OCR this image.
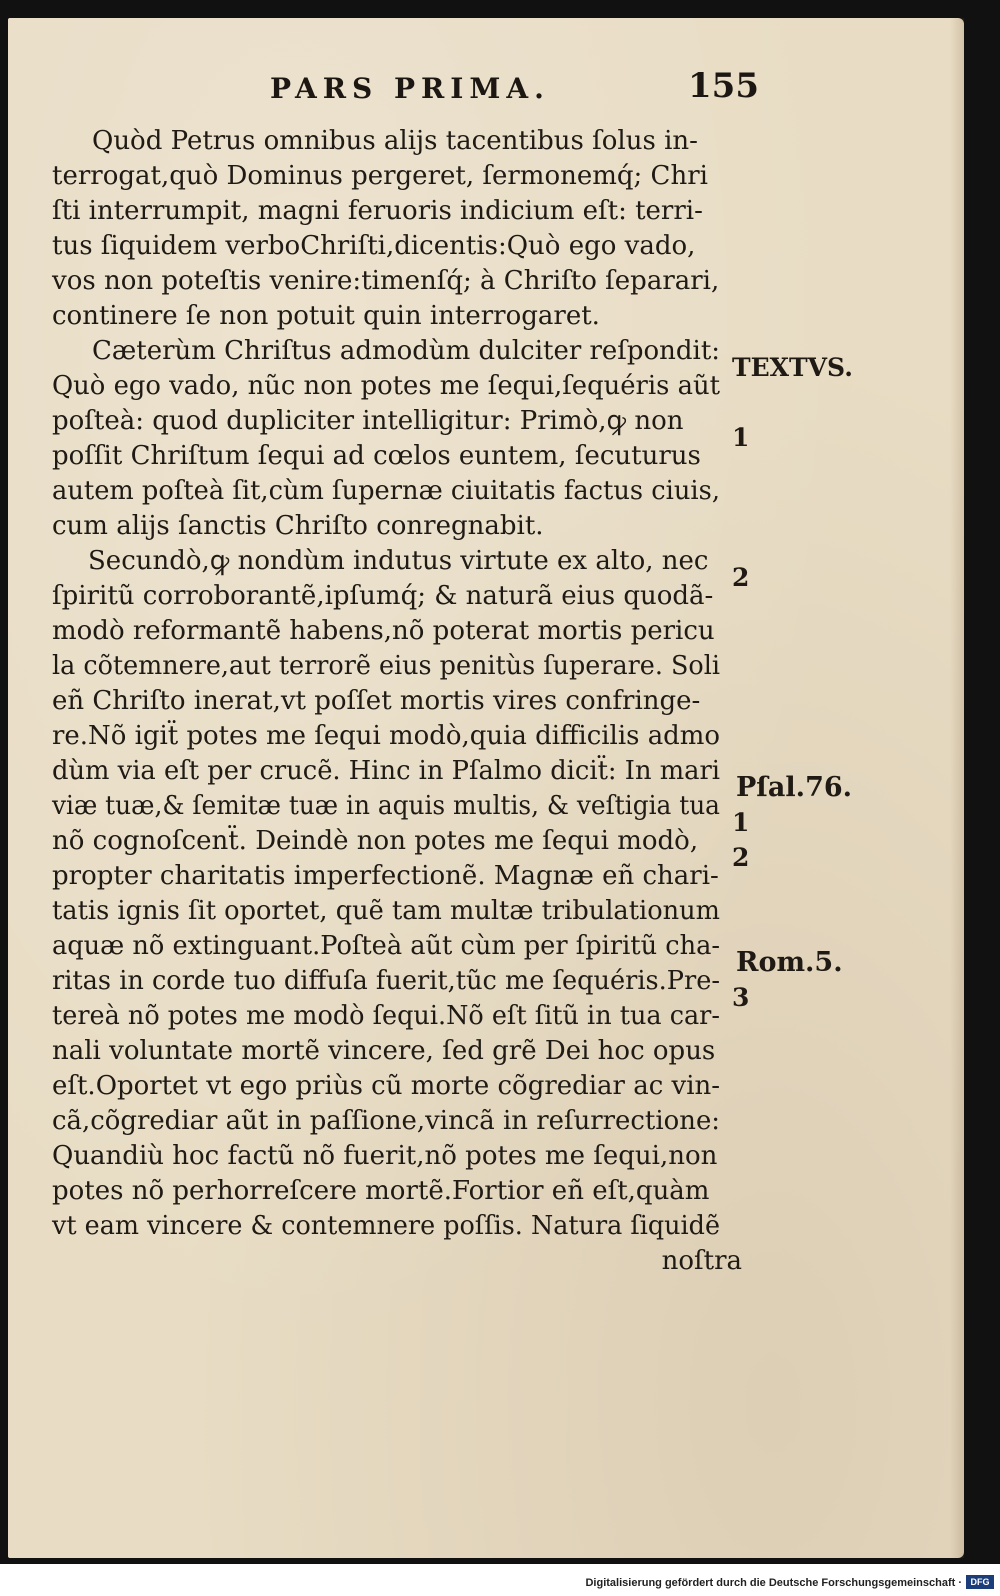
PARS PRIMA.	155
Quòd Petrus omnibus alijs tacentibus ſolus in-
terrogat,quò Dominus pergeret, ſermonemq́; Chri
ſti interrumpit, magni feruoris indicium eſt: terri-
tus ſiquidem verboChriſti,dicentis:Quò ego vado,
vos non poteſtis venire:timenſq́; à Chriſto ſeparari,
continere ſe non potuit quin interrogaret.
Cæterùm Chriſtus admodùm dulciter reſpondit:
Quò ego vado, nũc non potes me ſequi,ſequéris aũt
poſteà: quod dupliciter intelligitur: Primò,ꝙ non
poſſit Chriſtum ſequi ad cœlos euntem, ſecuturus
autem poſteà ſit,cùm ſupernæ ciuitatis factus ciuis,
cum alijs ſanctis Chriſto conregnabit.
Secundò,ꝙ nondùm indutus virtute ex alto, nec
ſpiritũ corroborantẽ,ipſumq́; & naturã eius quodã-
modò reformantẽ habens,nõ poterat mortis pericu
la cõtemnere,aut terrorẽ eius penitùs ſuperare. Soli
eñ Chriſto inerat,vt poſſet mortis vires confringe-
re.Nõ igiẗ potes me ſequi modò,quia difficilis admo
dùm via eſt per crucẽ. Hinc in Pſalmo diciẗ: In mari
viæ tuæ,& ſemitæ tuæ in aquis multis, & veſtigia tua
nõ cognoſcenẗ. Deindè non potes me ſequi modò,
propter charitatis imperfectionẽ. Magnæ eñ chari-
tatis ignis ſit oportet, quẽ tam multæ tribulationum
aquæ nõ extinguant.Poſteà aũt cùm per ſpiritũ cha-
ritas in corde tuo diffuſa fuerit,tũc me ſequéris.Pre-
tereà nõ potes me modò ſequi.Nõ eſt ſitũ in tua car-
nali voluntate mortẽ vincere, ſed grẽ Dei hoc opus
eſt.Oportet vt ego priùs cũ morte cõgrediar ac vin-
cã,cõgrediar aũt in paſſione,vincã in reſurrectione:
Quandiù hoc factũ nõ fuerit,nõ potes me ſequi,non
potes nõ perhorreſcere mortẽ.Fortior eñ eſt,quàm
vt eam vincere & contemnere poſſis. Natura ſiquidẽ
noſtra
TEXTVS.
1
2
Pſal.76.
1
2
Rom.5.
3
Digitalisierung gefördert durch die Deutsche Forschungsgemeinschaft · DFG
